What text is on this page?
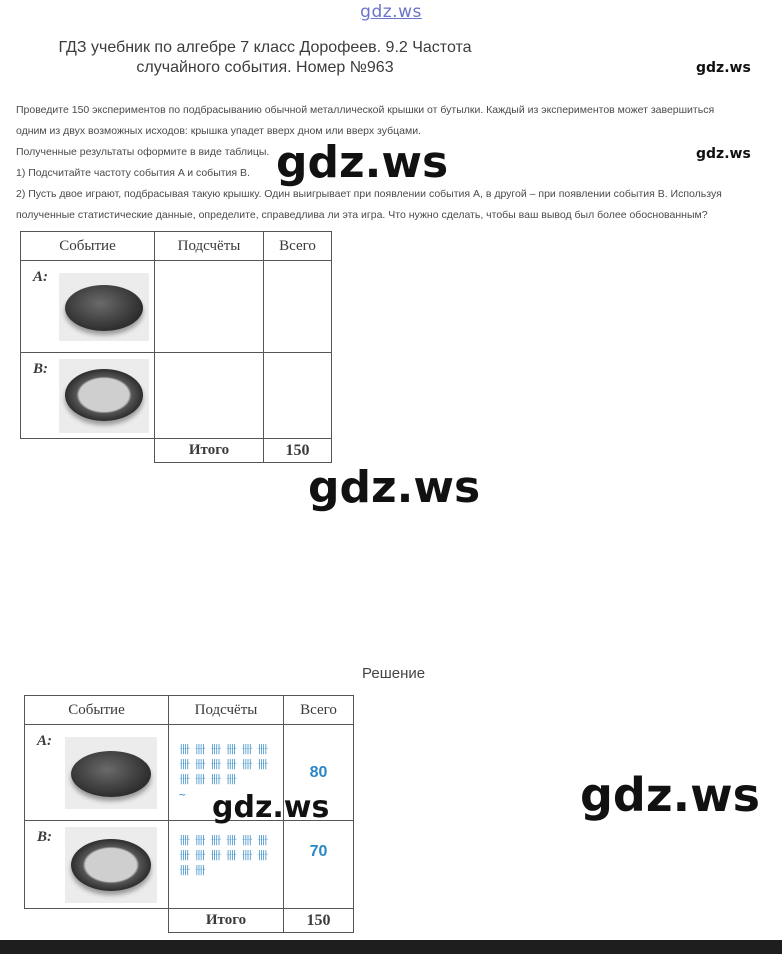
gdz.ws
ГДЗ учебник по алгебре 7 класс Дорофеев. 9.2 Частота случайного события. Номер №963	gdz.ws
gdz.ws

Проведите 150 экспериментов по подбрасыванию обычной металлической крышки от бутылки. Каждый из экспериментов может завершиться

одним из двух возможных исходов: крышка упадет вверх дном или вверх зубцами.

Полученные результаты оформите в виде таблицы.

1) Подсчитайте частоту события A и события B.

2) Пусть двое играют, подбрасывая такую крышку. Один выигрывает при появлении события A, в другой – при появлении события B. Используя

полученные статистические данные, определите, справедлива ли эта игра. Что нужно сделать, чтобы ваш вывод был более обоснованным?

gdz.ws
Событие	Подсчёты	Всего

A:		

B:		

	Итого	150
gdz.ws
Решение
Событие	Подсчёты	Всего

A:	卌 卌 卌 卌 卌 卌
卌 卌 卌 卌 卌 卌
卌 卌 卌 卌
~	80

B:	卌 卌 卌 卌 卌 卌
卌 卌 卌 卌 卌 卌
卌 卌	70
	Итого	150
gdz.ws	gdz.ws
